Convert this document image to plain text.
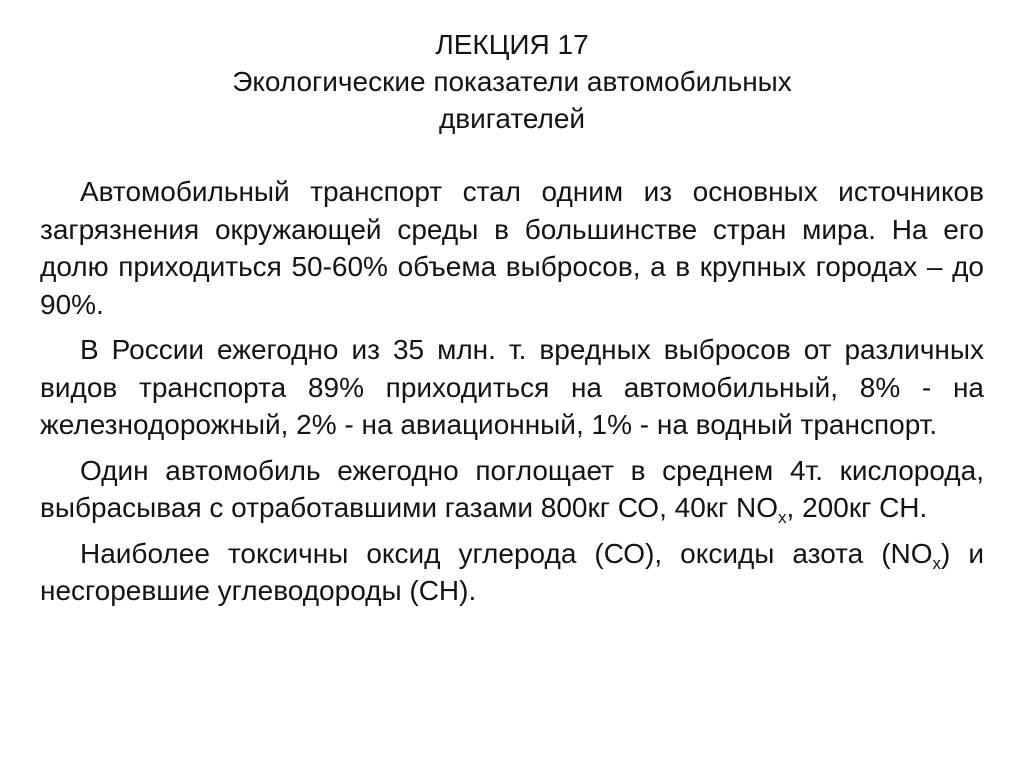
ЛЕКЦИЯ 17
Экологические показатели автомобильных
двигателей

Автомобильный транспорт стал одним из основных источников загрязнения окружающей среды в большинстве стран мира. На его долю приходиться 50-60% объема выбросов, а в крупных городах – до 90%.

В России ежегодно из 35 млн. т. вредных выбросов от различных видов транспорта 89% приходиться на автомобильный, 8% - на железнодорожный, 2% - на авиационный, 1% - на водный транспорт.

Один автомобиль ежегодно поглощает в среднем 4т. кислорода, выбрасывая с отработавшими газами 800кг СО, 40кг $NO_x$, 200кг СН.

Наиболее токсичны оксид углерода (СО), оксиды азота $(NO_x)$ и несгоревшие углеводороды (СН).
